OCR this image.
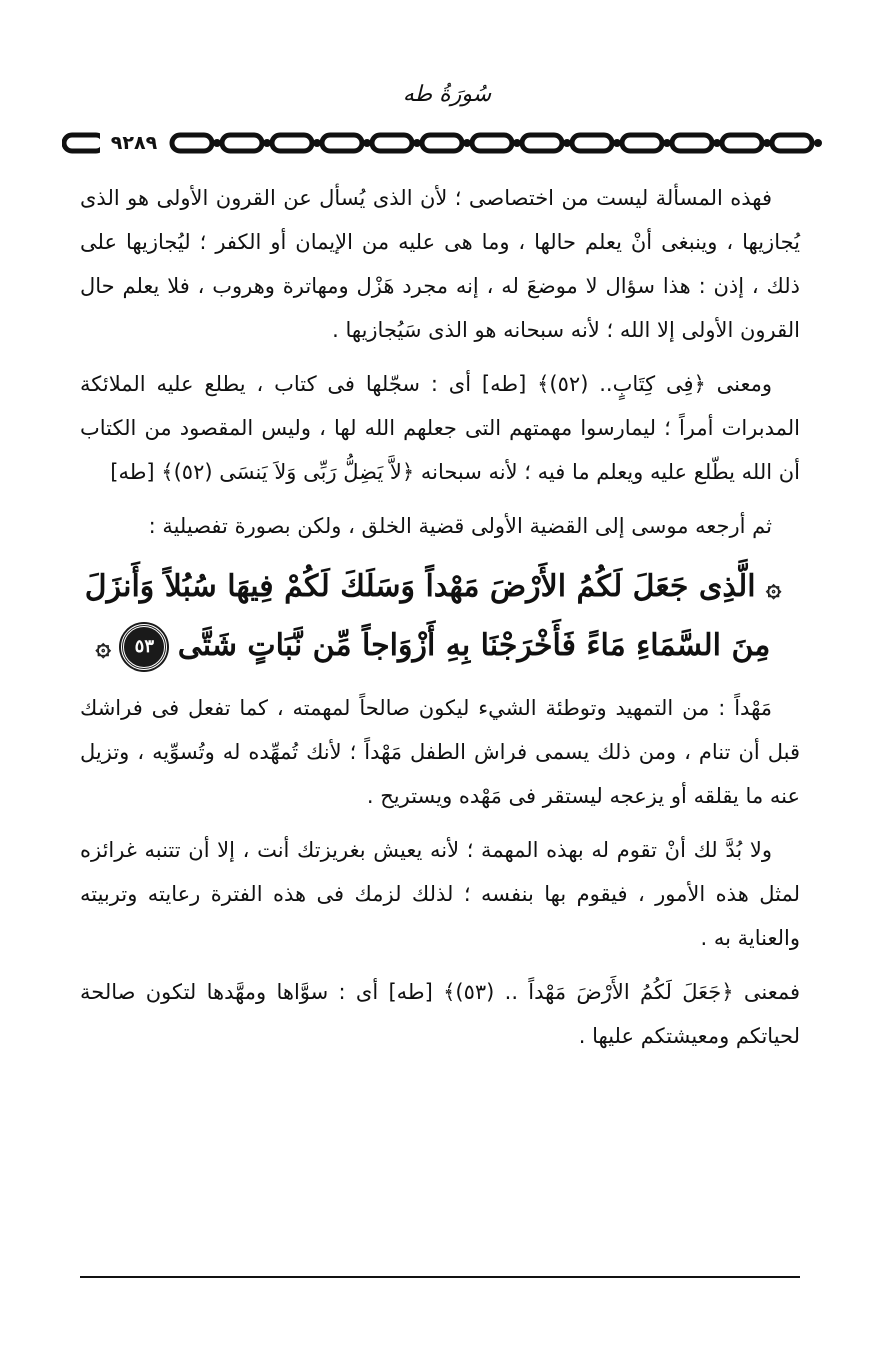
سُورَةُ طه
٩٢٨٩

فهذه المسألة ليست من اختصاصى ؛ لأن الذى يُسأل عن القرون الأولى هو الذى يُجازيها ، وينبغى أنْ يعلم حالها ، وما هى عليه من الإيمان أو الكفر ؛ ليُجازيها على ذلك ، إذن : هذا سؤال لا موضعَ له ، إنه مجرد هَزْل ومهاترة وهروب ، فلا يعلم حال القرون الأولى إلا الله ؛ لأنه سبحانه هو الذى سَيُجازيها .

ومعنى ﴿فِى كِتَابٍ.. (٥٢)﴾ [طه] أى : سجّلها فى كتاب ، يطلع عليه الملائكة المدبرات أمراً ؛ ليمارسوا مهمتهم التى جعلهم الله لها ، وليس المقصود من الكتاب أن الله يطّلع عليه ويعلم ما فيه ؛ لأنه سبحانه ﴿لاَّ يَضِلُّ رَبِّى وَلاَ يَنسَى (٥٢)﴾ [طه]

ثم أرجعه موسى إلى القضية الأولى قضية الخلق ، ولكن بصورة تفصيلية :

۞ الَّذِى جَعَلَ لَكُمُ الأَرْضَ مَهْداً وَسَلَكَ لَكُمْ فِيهَا سُبُلاً وَأَنزَلَ
مِنَ السَّمَاءِ مَاءً فَأَخْرَجْنَا بِهِ أَزْوَاجاً مِّن نَّبَاتٍ شَتَّى ٥٣ ۞

مَهْداً : من التمهيد وتوطئة الشيء ليكون صالحاً لمهمته ، كما تفعل فى فراشك قبل أن تنام ، ومن ذلك يسمى فراش الطفل مَهْداً ؛ لأنك تُمهِّده له وتُسوِّيه ، وتزيل عنه ما يقلقه أو يزعجه ليستقر فى مَهْده ويستريح .

ولا بُدَّ لك أنْ تقوم له بهذه المهمة ؛ لأنه يعيش بغريزتك أنت ، إلا أن تتنبه غرائزه لمثل هذه الأمور ، فيقوم بها بنفسه ؛ لذلك لزمك فى هذه الفترة رعايته وتربيته والعناية به .

فمعنى ﴿جَعَلَ لَكُمُ الأَرْضَ مَهْداً .. (٥٣)﴾ [طه] أى : سوَّاها ومهَّدها لتكون صالحة لحياتكم ومعيشتكم عليها .
